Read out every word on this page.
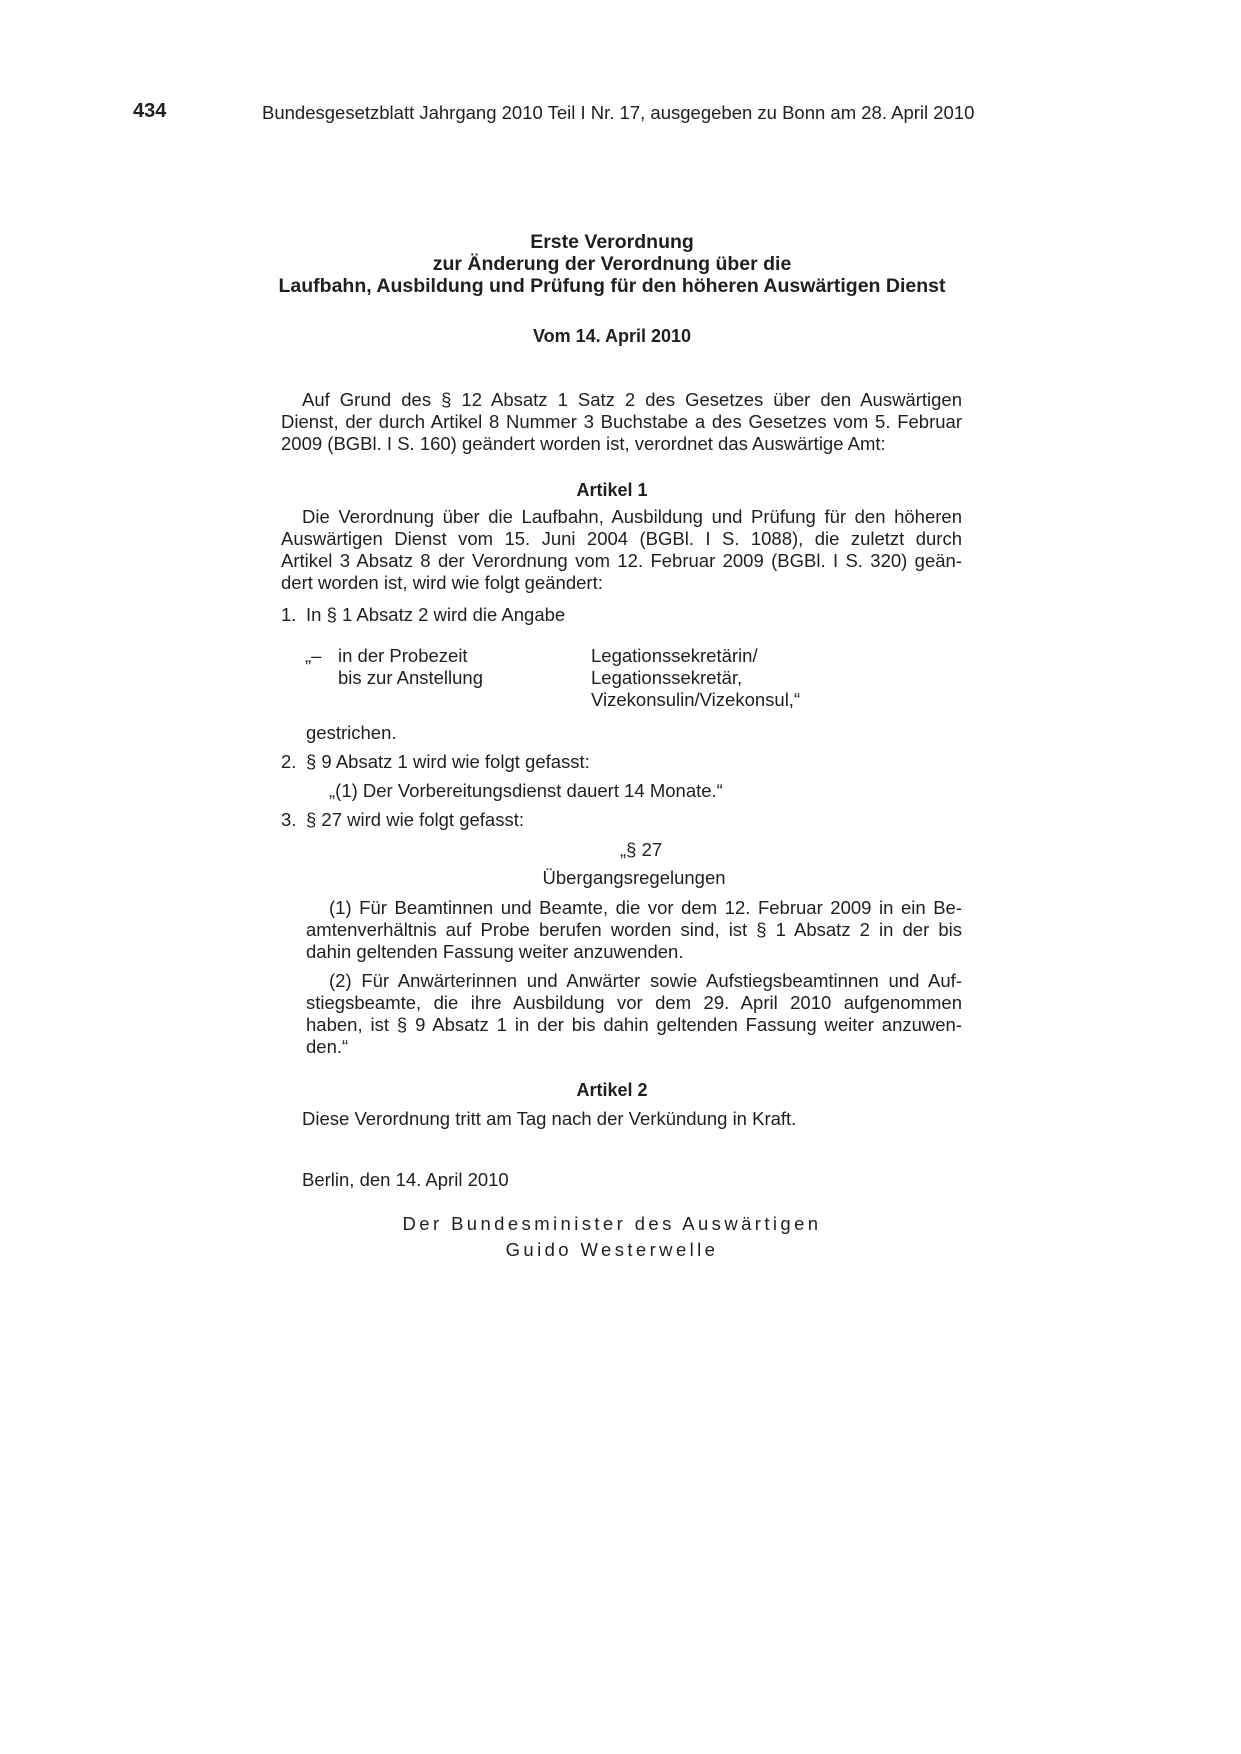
434	Bundesgesetzblatt Jahrgang 2010 Teil I Nr. 17, ausgegeben zu Bonn am 28. April 2010
Erste Verordnung
zur Änderung der Verordnung über die
Laufbahn, Ausbildung und Prüfung für den höheren Auswärtigen Dienst
Vom 14. April 2010
Auf Grund des § 12 Absatz 1 Satz 2 des Gesetzes über den Auswärtigen
Dienst, der durch Artikel 8 Nummer 3 Buchstabe a des Gesetzes vom 5. Februar
2009 (BGBl. I S. 160) geändert worden ist, verordnet das Auswärtige Amt:
Artikel 1
Die Verordnung über die Laufbahn, Ausbildung und Prüfung für den höheren
Auswärtigen Dienst vom 15. Juni 2004 (BGBl. I S. 1088), die zuletzt durch
Artikel 3 Absatz 8 der Verordnung vom 12. Februar 2009 (BGBl. I S. 320) geän-
dert worden ist, wird wie folgt geändert:
1. In § 1 Absatz 2 wird die Angabe
„– in der Probezeit
bis zur Anstellung
Legationssekretärin/
Legationssekretär,
Vizekonsulin/Vizekonsul,“
gestrichen.
2. § 9 Absatz 1 wird wie folgt gefasst:
„(1) Der Vorbereitungsdienst dauert 14 Monate.“
3. § 27 wird wie folgt gefasst:
„§ 27
Übergangsregelungen
(1) Für Beamtinnen und Beamte, die vor dem 12. Februar 2009 in ein Be-
amtenverhältnis auf Probe berufen worden sind, ist § 1 Absatz 2 in der bis
dahin geltenden Fassung weiter anzuwenden.
(2) Für Anwärterinnen und Anwärter sowie Aufstiegsbeamtinnen und Auf-
stiegsbeamte, die ihre Ausbildung vor dem 29. April 2010 aufgenommen
haben, ist § 9 Absatz 1 in der bis dahin geltenden Fassung weiter anzuwen-
den.“
Artikel 2
Diese Verordnung tritt am Tag nach der Verkündung in Kraft.
Berlin, den 14. April 2010
Der Bundesminister des Auswärtigen
Guido Westerwelle
